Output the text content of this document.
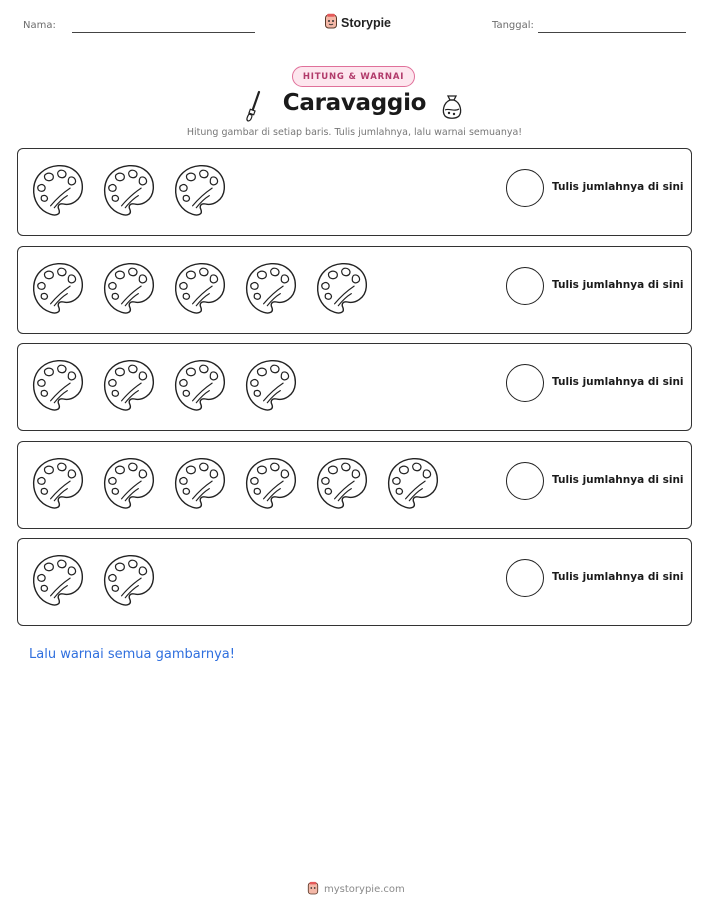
Nama:	Storypie	Tanggal:
HITUNG & WARNAI
Caravaggio
Hitung gambar di setiap baris. Tulis jumlahnya, lalu warnai semuanya!
Tulis jumlahnya di sini
Tulis jumlahnya di sini
Tulis jumlahnya di sini
Tulis jumlahnya di sini
Tulis jumlahnya di sini
Lalu warnai semua gambarnya!
mystorypie.com
